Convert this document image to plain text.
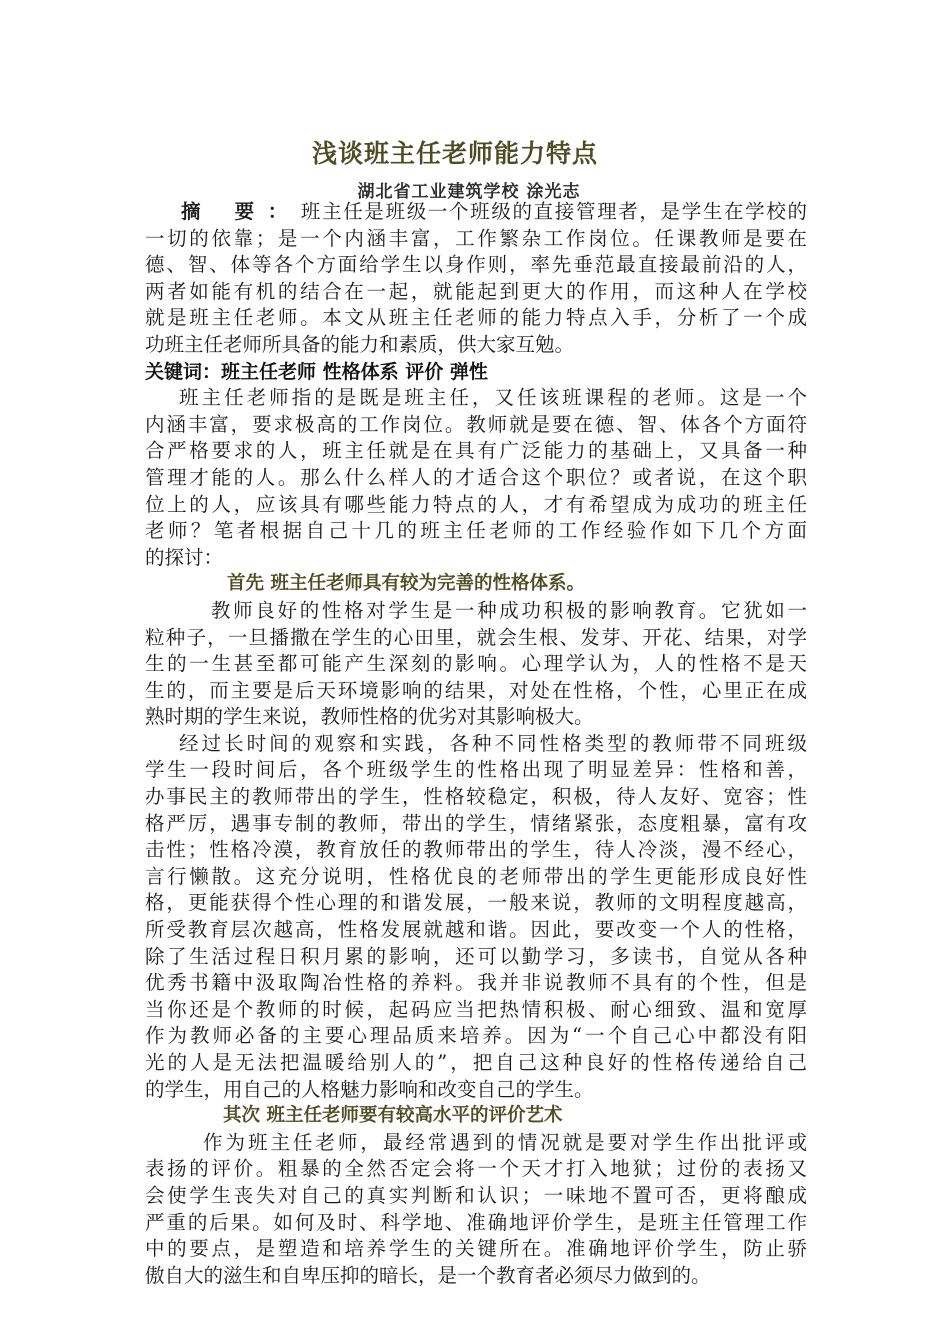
浅谈班主任老师能力特点
湖北省工业建筑学校 涂光志
摘 要：班主任是班级一个班级的直接管理者，是学生在学校的
一切的依靠；是一个内涵丰富，工作繁杂工作岗位。任课教师是要在
德、智、体等各个方面给学生以身作则，率先垂范最直接最前沿的人，
两者如能有机的结合在一起，就能起到更大的作用，而这种人在学校
就是班主任老师。本文从班主任老师的能力特点入手，分析了一个成
功班主任老师所具备的能力和素质，供大家互勉。
关键词：班主任老师 性格体系 评价 弹性
班主任老师指的是既是班主任，又任该班课程的老师。这是一个
内涵丰富，要求极高的工作岗位。教师就是要在德、智、体各个方面符
合严格要求的人，班主任就是在具有广泛能力的基础上，又具备一种
管理才能的人。那么什么样人的才适合这个职位？或者说，在这个职
位上的人，应该具有哪些能力特点的人，才有希望成为成功的班主任
老师？笔者根据自己十几的班主任老师的工作经验作如下几个方面
的探讨：
首先 班主任老师具有较为完善的性格体系。
教师良好的性格对学生是一种成功积极的影响教育。它犹如一
粒种子，一旦播撒在学生的心田里，就会生根、发芽、开花、结果，对学
生的一生甚至都可能产生深刻的影响。心理学认为，人的性格不是天
生的，而主要是后天环境影响的结果，对处在性格，个性，心里正在成
熟时期的学生来说，教师性格的优劣对其影响极大。
经过长时间的观察和实践，各种不同性格类型的教师带不同班级
学生一段时间后，各个班级学生的性格出现了明显差异：性格和善，
办事民主的教师带出的学生，性格较稳定，积极，待人友好、宽容；性
格严厉，遇事专制的教师，带出的学生，情绪紧张，态度粗暴，富有攻
击性；性格冷漠，教育放任的教师带出的学生，待人冷淡，漫不经心，
言行懒散。这充分说明，性格优良的老师带出的学生更能形成良好性
格，更能获得个性心理的和谐发展，一般来说，教师的文明程度越高，
所受教育层次越高，性格发展就越和谐。因此，要改变一个人的性格，
除了生活过程日积月累的影响，还可以勤学习，多读书，自觉从各种
优秀书籍中汲取陶冶性格的养料。我并非说教师不具有的个性，但是
当你还是个教师的时候，起码应当把热情积极、耐心细致、温和宽厚
作为教师必备的主要心理品质来培养。因为“一个自己心中都没有阳
光的人是无法把温暖给别人的”，把自己这种良好的性格传递给自己
的学生，用自己的人格魅力影响和改变自己的学生。
其次 班主任老师要有较高水平的评价艺术
作为班主任老师，最经常遇到的情况就是要对学生作出批评或
表扬的评价。粗暴的全然否定会将一个天才打入地狱；过份的表扬又
会使学生丧失对自己的真实判断和认识；一味地不置可否，更将酿成
严重的后果。如何及时、科学地、准确地评价学生，是班主任管理工作
中的要点，是塑造和培养学生的关键所在。准确地评价学生，防止骄
傲自大的滋生和自卑压抑的暗长，是一个教育者必须尽力做到的。
